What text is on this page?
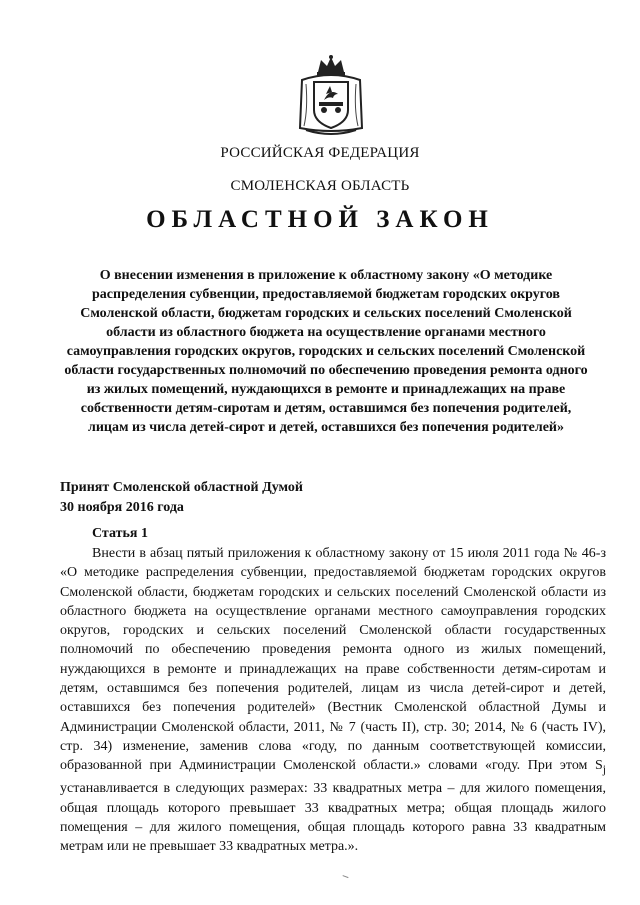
РОССИЙСКАЯ ФЕДЕРАЦИЯ
СМОЛЕНСКАЯ ОБЛАСТЬ
ОБЛАСТНОЙ ЗАКОН
О внесении изменения в приложение к областному закону «О методике распределения субвенции, предоставляемой бюджетам городских округов Смоленской области, бюджетам городских и сельских поселений Смоленской области из областного бюджета на осуществление органами местного самоуправления городских округов, городских и сельских поселений Смоленской области государственных полномочий по обеспечению проведения ремонта одного из жилых помещений, нуждающихся в ремонте и принадлежащих на праве собственности детям-сиротам и детям, оставшимся без попечения родителей, лицам из числа детей-сирот и детей, оставшихся без попечения родителей»
Принят Смоленской областной Думой
30 ноября 2016 года
Статья 1

Внести в абзац пятый приложения к областному закону от 15 июля 2011 года № 46-з «О методике распределения субвенции, предоставляемой бюджетам городских округов Смоленской области, бюджетам городских и сельских поселений Смоленской области из областного бюджета на осуществление органами местного самоуправления городских округов, городских и сельских поселений Смоленской области государственных полномочий по обеспечению проведения ремонта одного из жилых помещений, нуждающихся в ремонте и принадлежащих на праве собственности детям-сиротам и детям, оставшимся без попечения родителей, лицам из числа детей-сирот и детей, оставшихся без попечения родителей» (Вестник Смоленской областной Думы и Администрации Смоленской области, 2011, № 7 (часть II), стр. 30; 2014, № 6 (часть IV), стр. 34) изменение, заменив слова «году, по данным соответствующей комиссии, образованной при Администрации Смоленской области.» словами «году. При этом $S_j$ устанавливается в следующих размерах: 33 квадратных метра – для жилого помещения, общая площадь которого превышает 33 квадратных метра; общая площадь жилого помещения – для жилого помещения, общая площадь которого равна 33 квадратным метрам или не превышает 33 квадратных метра.».
